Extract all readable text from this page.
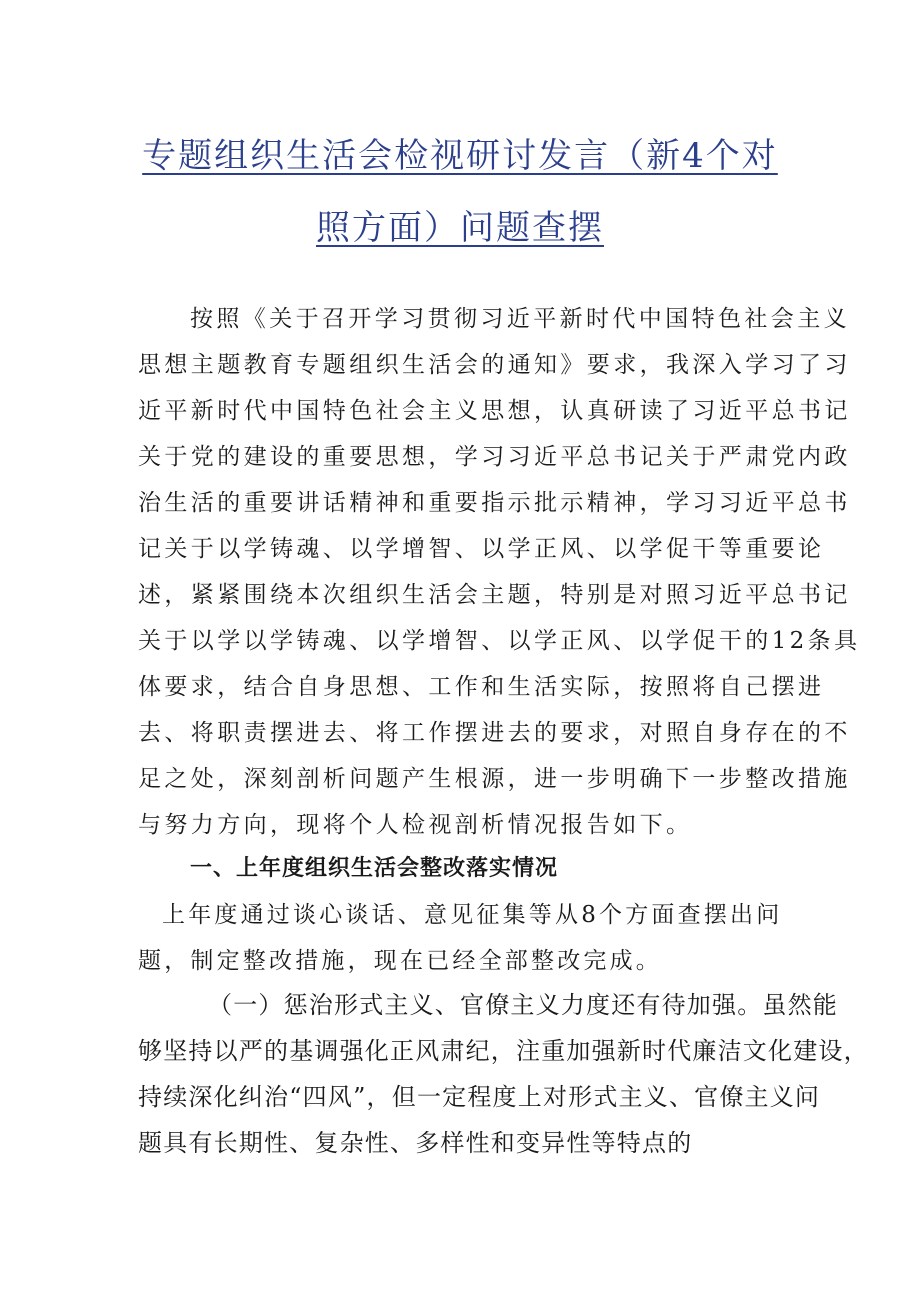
专题组织生活会检视研讨发言（新4个对
照方面）问题查摆
按照《关于召开学习贯彻习近平新时代中国特色社会主义
思想主题教育专题组织生活会的通知》要求，我深入学习了习
近平新时代中国特色社会主义思想，认真研读了习近平总书记
关于党的建设的重要思想，学习习近平总书记关于严肃党内政
治生活的重要讲话精神和重要指示批示精神，学习习近平总书
记关于以学铸魂、以学增智、以学正风、以学促干等重要论
述，紧紧围绕本次组织生活会主题，特别是对照习近平总书记
关于以学以学铸魂、以学增智、以学正风、以学促干的12条具
体要求，结合自身思想、工作和生活实际，按照将自己摆进
去、将职责摆进去、将工作摆进去的要求，对照自身存在的不
足之处，深刻剖析问题产生根源，进一步明确下一步整改措施
与努力方向，现将个人检视剖析情况报告如下。
一、上年度组织生活会整改落实情况
上年度通过谈心谈话、意见征集等从8个方面查摆出问
题，制定整改措施，现在已经全部整改完成。
（一）惩治形式主义、官僚主义力度还有待加强。虽然能
够坚持以严的基调强化正风肃纪，注重加强新时代廉洁文化建设，
持续深化纠治“四风”，但一定程度上对形式主义、官僚主义问
题具有长期性、复杂性、多样性和变异性等特点的
